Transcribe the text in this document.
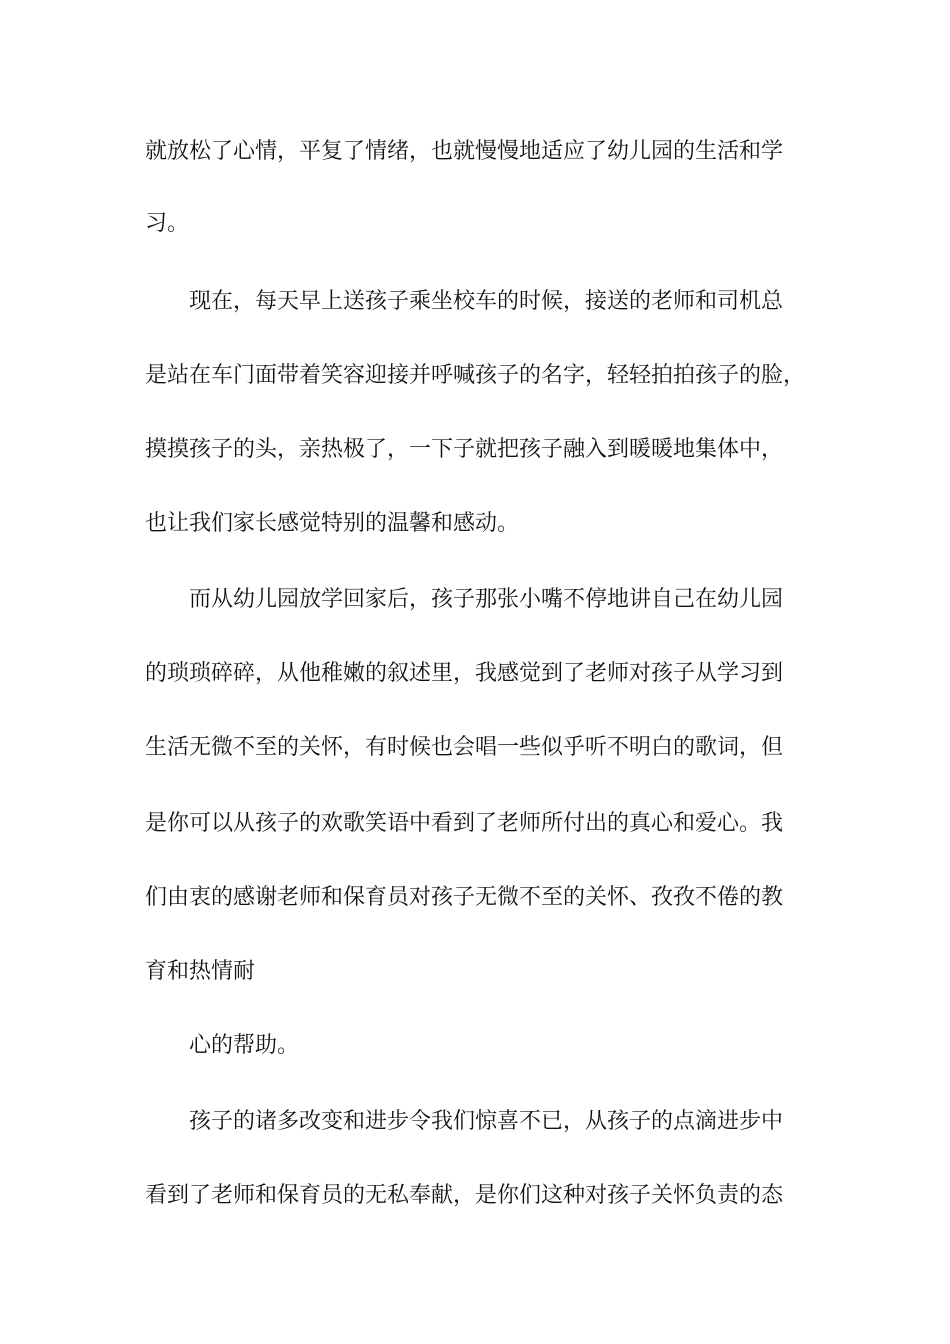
就放松了心情，平复了情绪，也就慢慢地适应了幼儿园的生活和学
习。
现在，每天早上送孩子乘坐校车的时候，接送的老师和司机总
是站在车门面带着笑容迎接并呼喊孩子的名字，轻轻拍拍孩子的脸，
摸摸孩子的头，亲热极了，一下子就把孩子融入到暖暖地集体中，
也让我们家长感觉特别的温馨和感动。
而从幼儿园放学回家后，孩子那张小嘴不停地讲自己在幼儿园
的琐琐碎碎，从他稚嫩的叙述里，我感觉到了老师对孩子从学习到
生活无微不至的关怀，有时候也会唱一些似乎听不明白的歌词，但
是你可以从孩子的欢歌笑语中看到了老师所付出的真心和爱心。我
们由衷的感谢老师和保育员对孩子无微不至的关怀、孜孜不倦的教
育和热情耐
心的帮助。
孩子的诸多改变和进步令我们惊喜不已，从孩子的点滴进步中
看到了老师和保育员的无私奉献，是你们这种对孩子关怀负责的态
